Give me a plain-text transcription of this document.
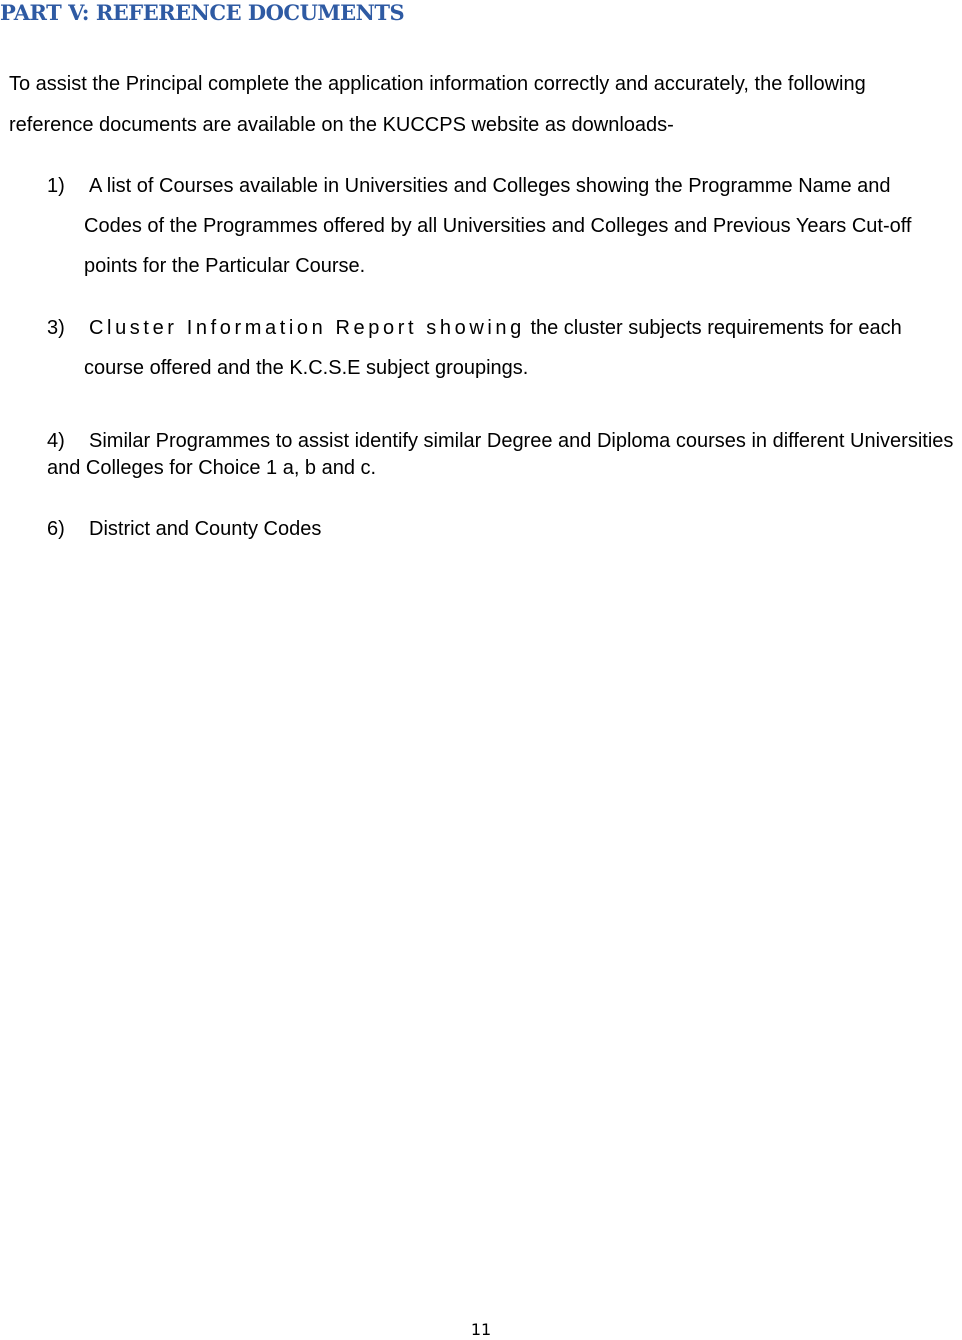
PART V: REFERENCE DOCUMENTS

To assist the Principal complete the application information correctly and accurately, the following reference documents are available on the KUCCPS website as downloads-

1)	A list of Courses available in Universities and Colleges showing the Programme Name and Codes of the Programmes offered by all Universities and Colleges and Previous Years Cut-off points for the Particular Course.
3)	Cluster Information Report showing the cluster subjects requirements for each course offered and the K.C.S.E subject groupings.
4)	Similar Programmes to assist identify similar Degree and Diploma courses in different Universities and Colleges for Choice 1 a, b and c.
6)	District and County Codes
11
